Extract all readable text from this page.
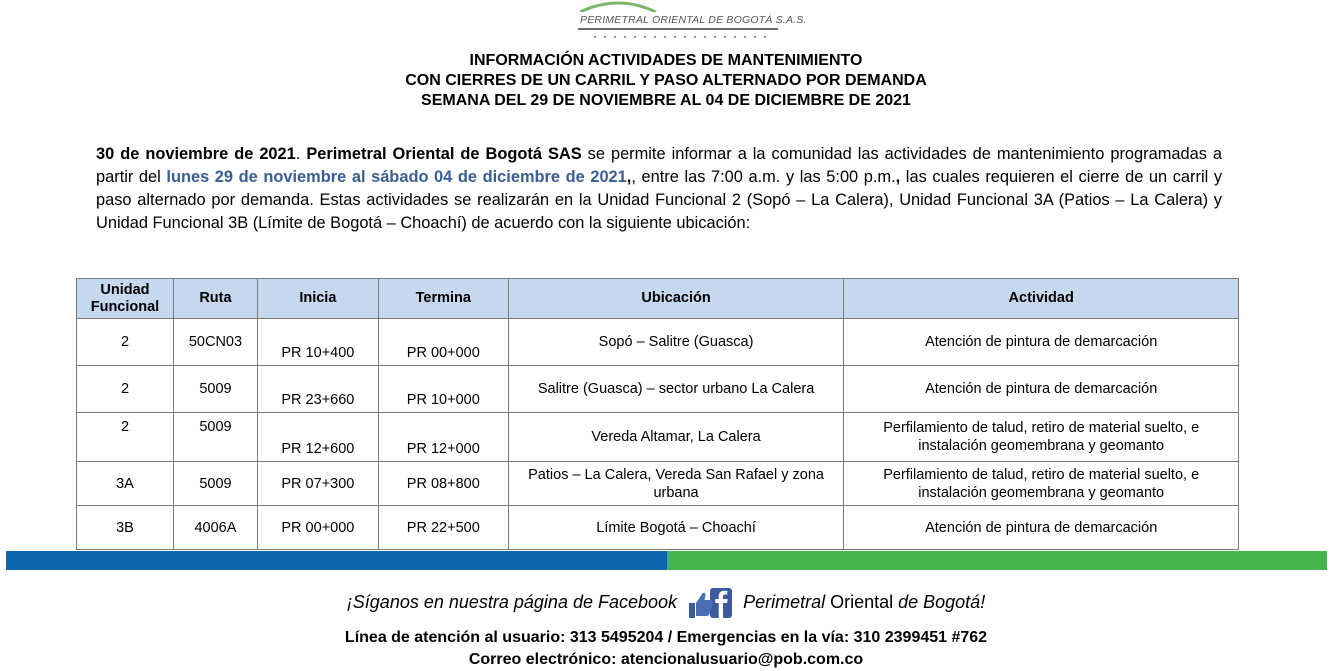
PERIMETRAL ORIENTAL DE BOGOTÁ S.A.S.
INFORMACIÓN ACTIVIDADES DE MANTENIMIENTO
CON CIERRES DE UN CARRIL Y PASO ALTERNADO POR DEMANDA
SEMANA DEL 29 DE NOVIEMBRE AL 04 DE DICIEMBRE DE 2021
30 de noviembre de 2021. Perimetral Oriental de Bogotá SAS se permite informar a la comunidad las actividades de mantenimiento programadas a partir del lunes 29 de noviembre al sábado 04 de diciembre de 2021,, entre las 7:00 a.m. y las 5:00 p.m., las cuales requieren el cierre de un carril y paso alternado por demanda. Estas actividades se realizarán en la Unidad Funcional 2 (Sopó – La Calera), Unidad Funcional 3A (Patios – La Calera) y Unidad Funcional 3B (Límite de Bogotá – Choachí) de acuerdo con la siguiente ubicación:
Unidad
Funcional	Ruta	Inicia	Termina	Ubicación	Actividad
2	50CN03	PR 10+400	PR 00+000	Sopó – Salitre (Guasca)	Atención de pintura de demarcación
2	5009	PR 23+660	PR 10+000	Salitre (Guasca) – sector urbano La Calera	Atención de pintura de demarcación
2	5009	PR 12+600	PR 12+000	Vereda Altamar, La Calera	Perfilamiento de talud, retiro de material suelto, e instalación geomembrana y geomanto
3A	5009	PR 07+300	PR 08+800	Patios – La Calera, Vereda San Rafael y zona urbana	Perfilamiento de talud, retiro de material suelto, e instalación geomembrana y geomanto
3B	4006A	PR 00+000	PR 22+500	Límite Bogotá – Choachí	Atención de pintura de demarcación
¡Síganos en nuestra página de Facebook	Perimetral Oriental de Bogotá!
Línea de atención al usuario: 313 5495204 / Emergencias en la vía: 310 2399451 #762
Correo electrónico: atencionalusuario@pob.com.co
